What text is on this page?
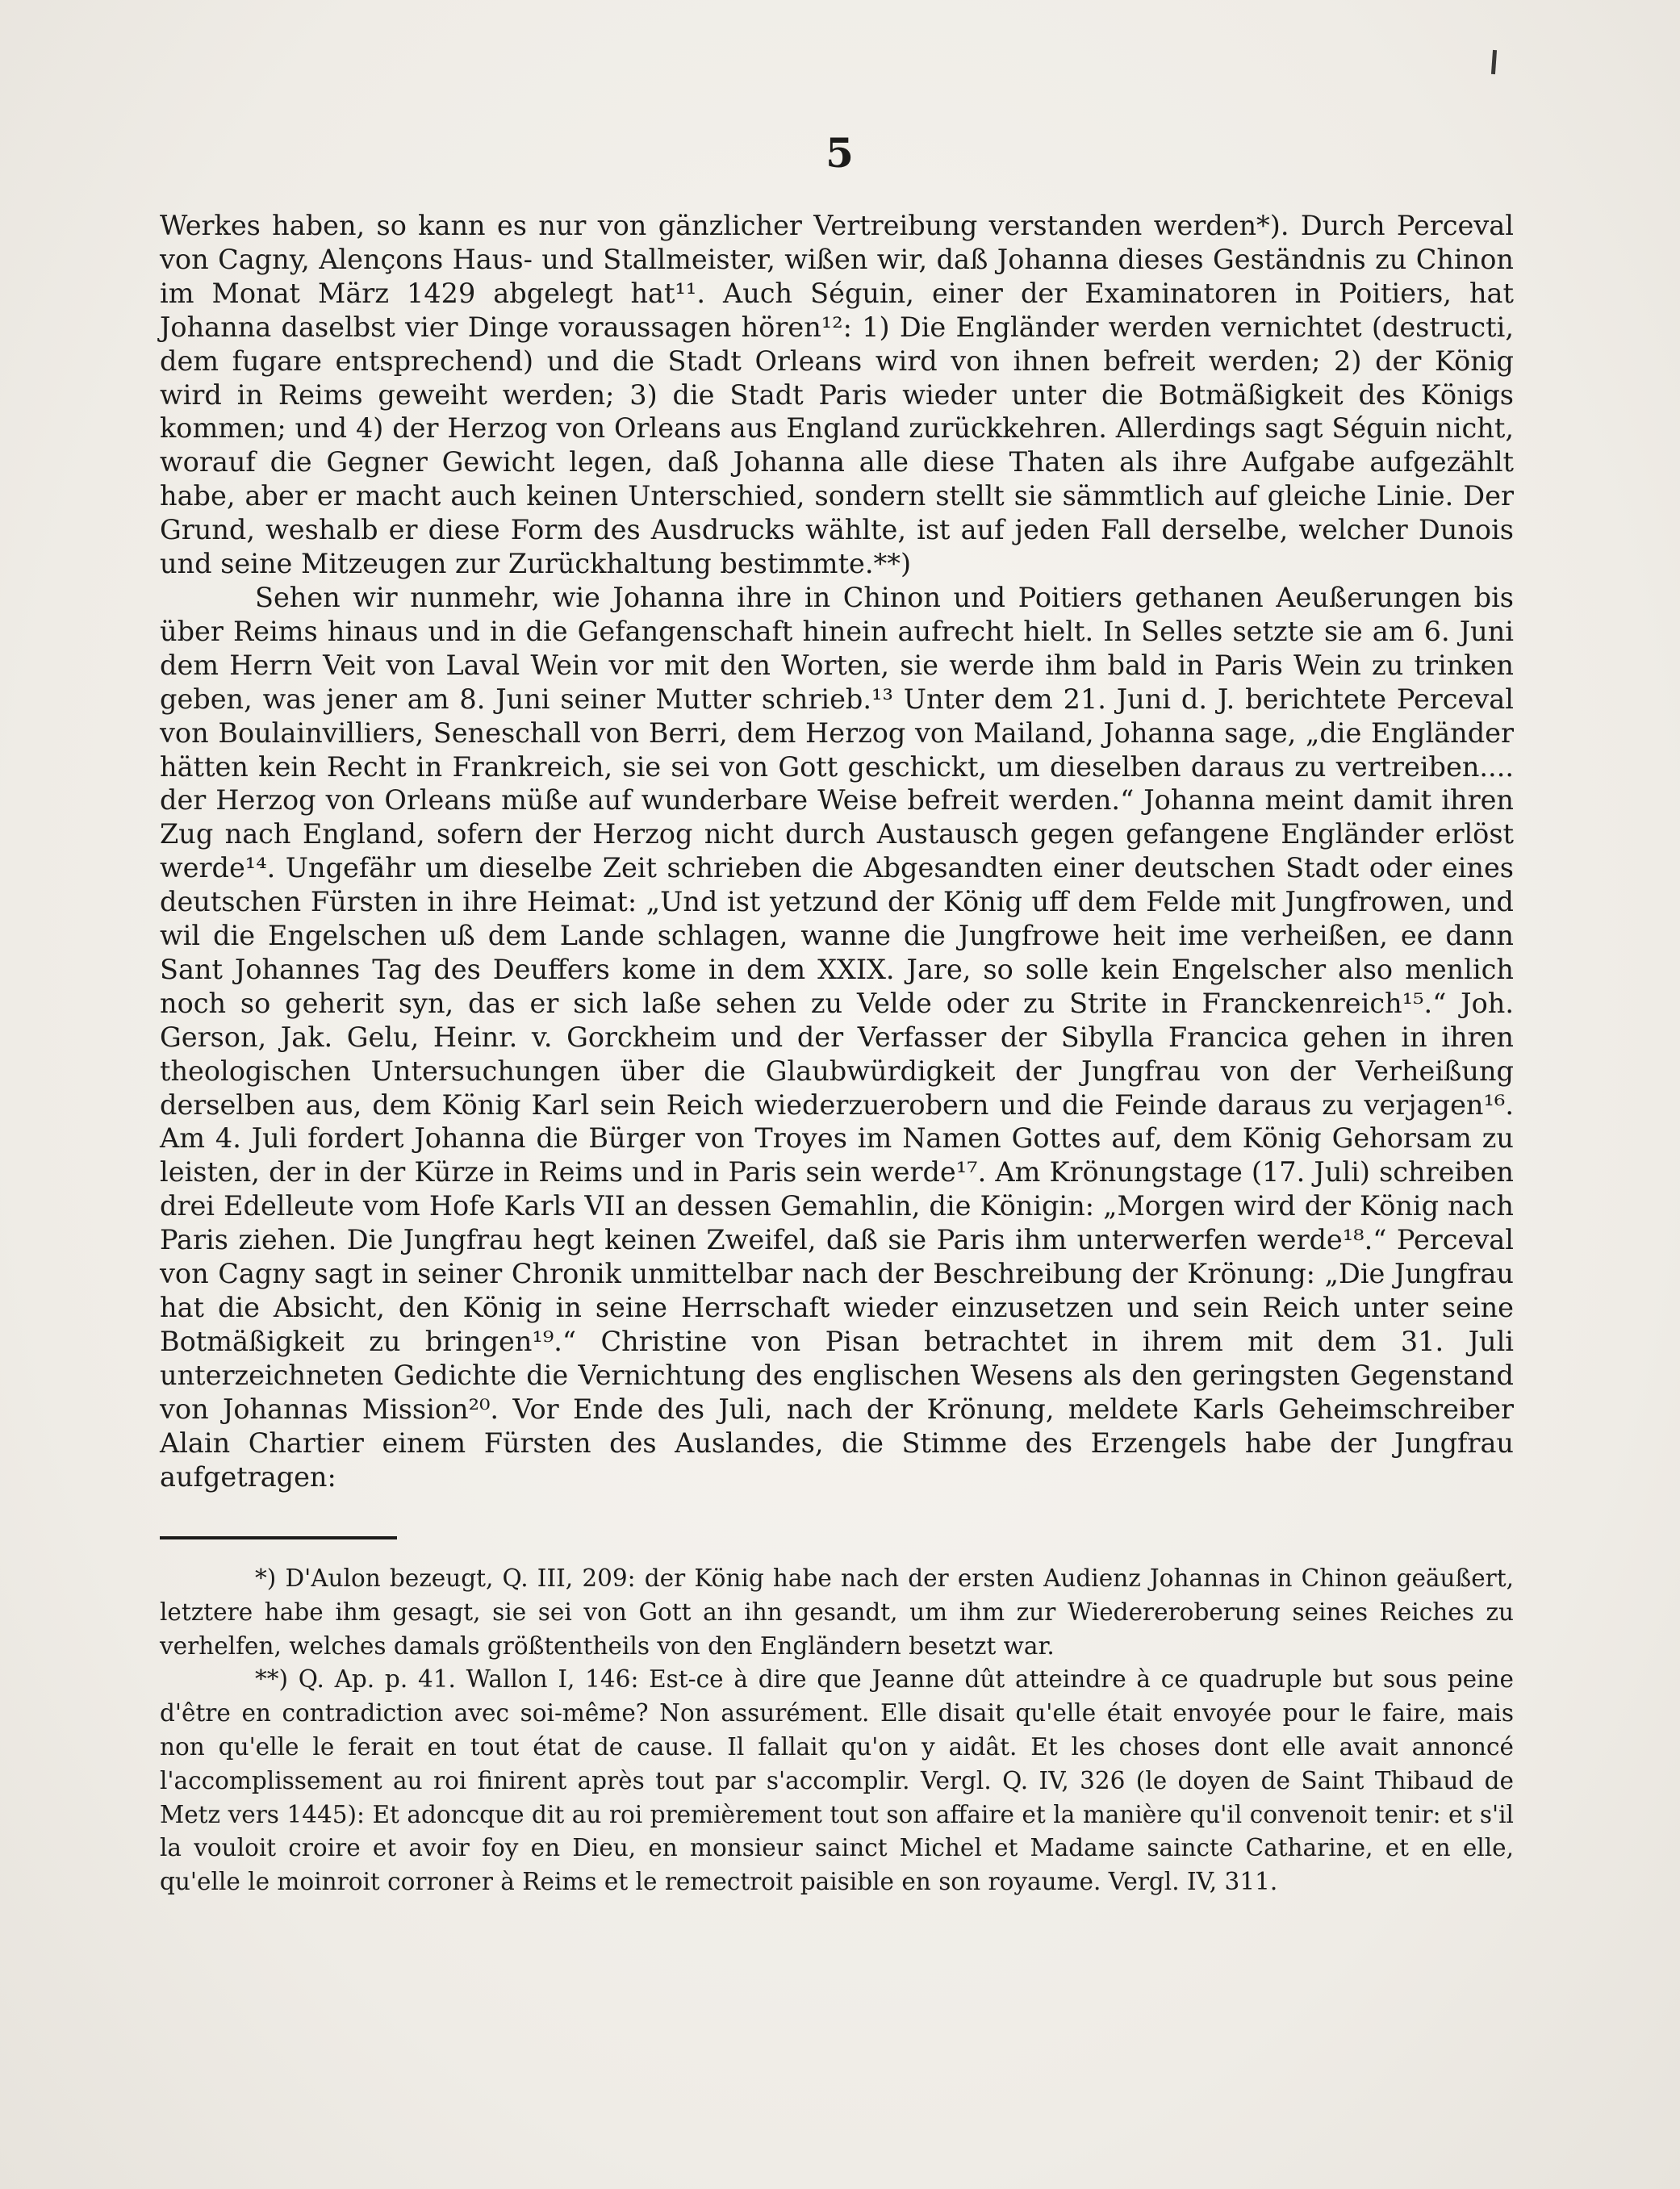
5

Werkes haben, so kann es nur von gänzlicher Vertreibung verstanden werden*). Durch Perceval von Cagny, Alençons Haus- und Stallmeister, wißen wir, daß Johanna dieses Geständnis zu Chinon im Monat März 1429 abgelegt hat¹¹. Auch Séguin, einer der Examinatoren in Poitiers, hat Johanna daselbst vier Dinge voraussagen hören¹²: 1) Die Engländer werden vernichtet (destructi, dem fugare entsprechend) und die Stadt Orleans wird von ihnen befreit werden; 2) der König wird in Reims geweiht werden; 3) die Stadt Paris wieder unter die Botmäßigkeit des Königs kommen; und 4) der Herzog von Orleans aus England zurückkehren. Allerdings sagt Séguin nicht, worauf die Gegner Gewicht legen, daß Johanna alle diese Thaten als ihre Aufgabe aufgezählt habe, aber er macht auch keinen Unterschied, sondern stellt sie sämmtlich auf gleiche Linie. Der Grund, weshalb er diese Form des Ausdrucks wählte, ist auf jeden Fall derselbe, welcher Dunois und seine Mitzeugen zur Zurückhaltung bestimmte.**)

Sehen wir nunmehr, wie Johanna ihre in Chinon und Poitiers gethanen Aeußerungen bis über Reims hinaus und in die Gefangenschaft hinein aufrecht hielt. In Selles setzte sie am 6. Juni dem Herrn Veit von Laval Wein vor mit den Worten, sie werde ihm bald in Paris Wein zu trinken geben, was jener am 8. Juni seiner Mutter schrieb.¹³ Unter dem 21. Juni d. J. berichtete Perceval von Boulainvilliers, Seneschall von Berri, dem Herzog von Mailand, Johanna sage, „die Engländer hätten kein Recht in Frankreich, sie sei von Gott geschickt, um dieselben daraus zu vertreiben.... der Herzog von Orleans müße auf wunderbare Weise befreit werden.“ Johanna meint damit ihren Zug nach England, sofern der Herzog nicht durch Austausch gegen gefangene Engländer erlöst werde¹⁴. Ungefähr um dieselbe Zeit schrieben die Abgesandten einer deutschen Stadt oder eines deutschen Fürsten in ihre Heimat: „Und ist yetzund der König uff dem Felde mit Jungfrowen, und wil die Engelschen uß dem Lande schlagen, wanne die Jungfrowe heit ime verheißen, ee dann Sant Johannes Tag des Deuffers kome in dem XXIX. Jare, so solle kein Engelscher also menlich noch so geherit syn, das er sich laße sehen zu Velde oder zu Strite in Franckenreich¹⁵.“ Joh. Gerson, Jak. Gelu, Heinr. v. Gorckheim und der Verfasser der Sibylla Francica gehen in ihren theologischen Untersuchungen über die Glaubwürdigkeit der Jungfrau von der Verheißung derselben aus, dem König Karl sein Reich wiederzuerobern und die Feinde daraus zu verjagen¹⁶. Am 4. Juli fordert Johanna die Bürger von Troyes im Namen Gottes auf, dem König Gehorsam zu leisten, der in der Kürze in Reims und in Paris sein werde¹⁷. Am Krönungstage (17. Juli) schreiben drei Edelleute vom Hofe Karls VII an dessen Gemahlin, die Königin: „Morgen wird der König nach Paris ziehen. Die Jungfrau hegt keinen Zweifel, daß sie Paris ihm unterwerfen werde¹⁸.“ Perceval von Cagny sagt in seiner Chronik unmittelbar nach der Beschreibung der Krönung: „Die Jungfrau hat die Absicht, den König in seine Herrschaft wieder einzusetzen und sein Reich unter seine Botmäßigkeit zu bringen¹⁹.“ Christine von Pisan betrachtet in ihrem mit dem 31. Juli unterzeichneten Gedichte die Vernichtung des englischen Wesens als den geringsten Gegenstand von Johannas Mission²⁰. Vor Ende des Juli, nach der Krönung, meldete Karls Geheimschreiber Alain Chartier einem Fürsten des Auslandes, die Stimme des Erzengels habe der Jungfrau aufgetragen:

*) D'Aulon bezeugt, Q. III, 209: der König habe nach der ersten Audienz Johannas in Chinon geäußert, letztere habe ihm gesagt, sie sei von Gott an ihn gesandt, um ihm zur Wiedereroberung seines Reiches zu verhelfen, welches damals größtentheils von den Engländern besetzt war.

**) Q. Ap. p. 41. Wallon I, 146: Est-ce à dire que Jeanne dût atteindre à ce quadruple but sous peine d'être en contradiction avec soi-même? Non assurément. Elle disait qu'elle était envoyée pour le faire, mais non qu'elle le ferait en tout état de cause. Il fallait qu'on y aidât. Et les choses dont elle avait annoncé l'accomplissement au roi finirent après tout par s'accomplir. Vergl. Q. IV, 326 (le doyen de Saint Thibaud de Metz vers 1445): Et adoncque dit au roi premièrement tout son affaire et la manière qu'il convenoit tenir: et s'il la vouloit croire et avoir foy en Dieu, en monsieur sainct Michel et Madame saincte Catharine, et en elle, qu'elle le moinroit corroner à Reims et le remectroit paisible en son royaume. Vergl. IV, 311.
